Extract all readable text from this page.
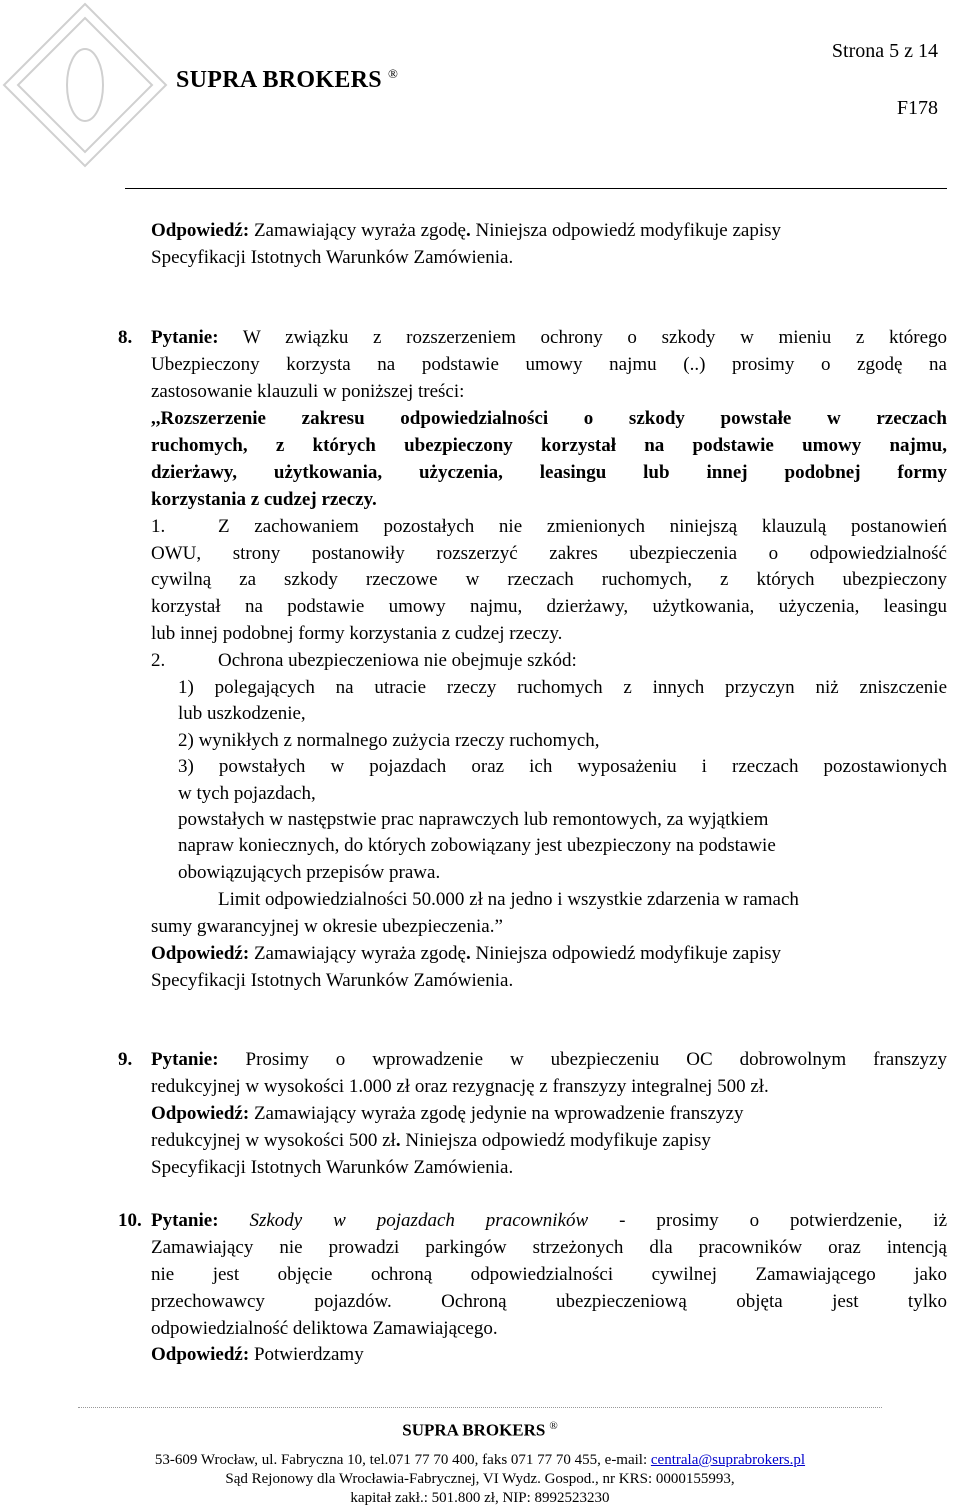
SUPRA BROKERS ®
Strona 5 z 14
F178
Odpowiedź: Zamawiający wyraża zgodę. Niniejsza odpowiedź modyfikuje zapisy
Specyfikacji Istotnych Warunków Zamówienia.
8. Pytanie: W związku z rozszerzeniem ochrony o szkody w mieniu z którego
Ubezpieczony korzysta na podstawie umowy najmu (..) prosimy o zgodę na
zastosowanie klauzuli w poniższej treści:
,,Rozszerzenie zakresu odpowiedzialności o szkody powstałe w rzeczach
ruchomych, z których ubezpieczony korzystał na podstawie umowy najmu,
dzierżawy, użytkowania, użyczenia, leasingu lub innej podobnej formy
korzystania z cudzej rzeczy.
1.	Z zachowaniem pozostałych nie zmienionych niniejszą klauzulą postanowień
OWU, strony postanowiły rozszerzyć zakres ubezpieczenia o odpowiedzialność
cywilną za szkody rzeczowe w rzeczach ruchomych, z których ubezpieczony
korzystał na podstawie umowy najmu, dzierżawy, użytkowania, użyczenia, leasingu
lub innej podobnej formy korzystania z cudzej rzeczy.
2.	Ochrona ubezpieczeniowa nie obejmuje szkód:
1) polegających na utracie rzeczy ruchomych z innych przyczyn niż zniszczenie
lub uszkodzenie,
2) wynikłych z normalnego zużycia rzeczy ruchomych,
3) powstałych w pojazdach oraz ich wyposażeniu i rzeczach pozostawionych
w tych pojazdach,
powstałych w następstwie prac naprawczych lub remontowych, za wyjątkiem
napraw koniecznych, do których zobowiązany jest ubezpieczony na podstawie
obowiązujących przepisów prawa.
Limit odpowiedzialności 50.000 zł na jedno i wszystkie zdarzenia w ramach
sumy gwarancyjnej w okresie ubezpieczenia.”
Odpowiedź: Zamawiający wyraża zgodę. Niniejsza odpowiedź modyfikuje zapisy
Specyfikacji Istotnych Warunków Zamówienia.
9. Pytanie: Prosimy o wprowadzenie w ubezpieczeniu OC dobrowolnym franszyzy
redukcyjnej w wysokości 1.000 zł oraz rezygnację z franszyzy integralnej 500 zł.
Odpowiedź: Zamawiający wyraża zgodę jedynie na wprowadzenie franszyzy
redukcyjnej w wysokości 500 zł. Niniejsza odpowiedź modyfikuje zapisy
Specyfikacji Istotnych Warunków Zamówienia.
10. Pytanie: Szkody w pojazdach pracowników - prosimy o potwierdzenie, iż
Zamawiający nie prowadzi parkingów strzeżonych dla pracowników oraz intencją
nie jest objęcie ochroną odpowiedzialności cywilnej Zamawiającego jako
przechowawcy pojazdów. Ochroną ubezpieczeniową objęta jest tylko
odpowiedzialność deliktowa Zamawiającego.
Odpowiedź: Potwierdzamy
SUPRA BROKERS ®
53-609 Wrocław, ul. Fabryczna 10, tel.071 77 70 400, faks 071 77 70 455, e-mail: centrala@suprabrokers.pl
Sąd Rejonowy dla Wrocławia-Fabrycznej, VI Wydz. Gospod., nr KRS: 0000155993,
kapitał zakł.: 501.800 zł, NIP: 8992523230
